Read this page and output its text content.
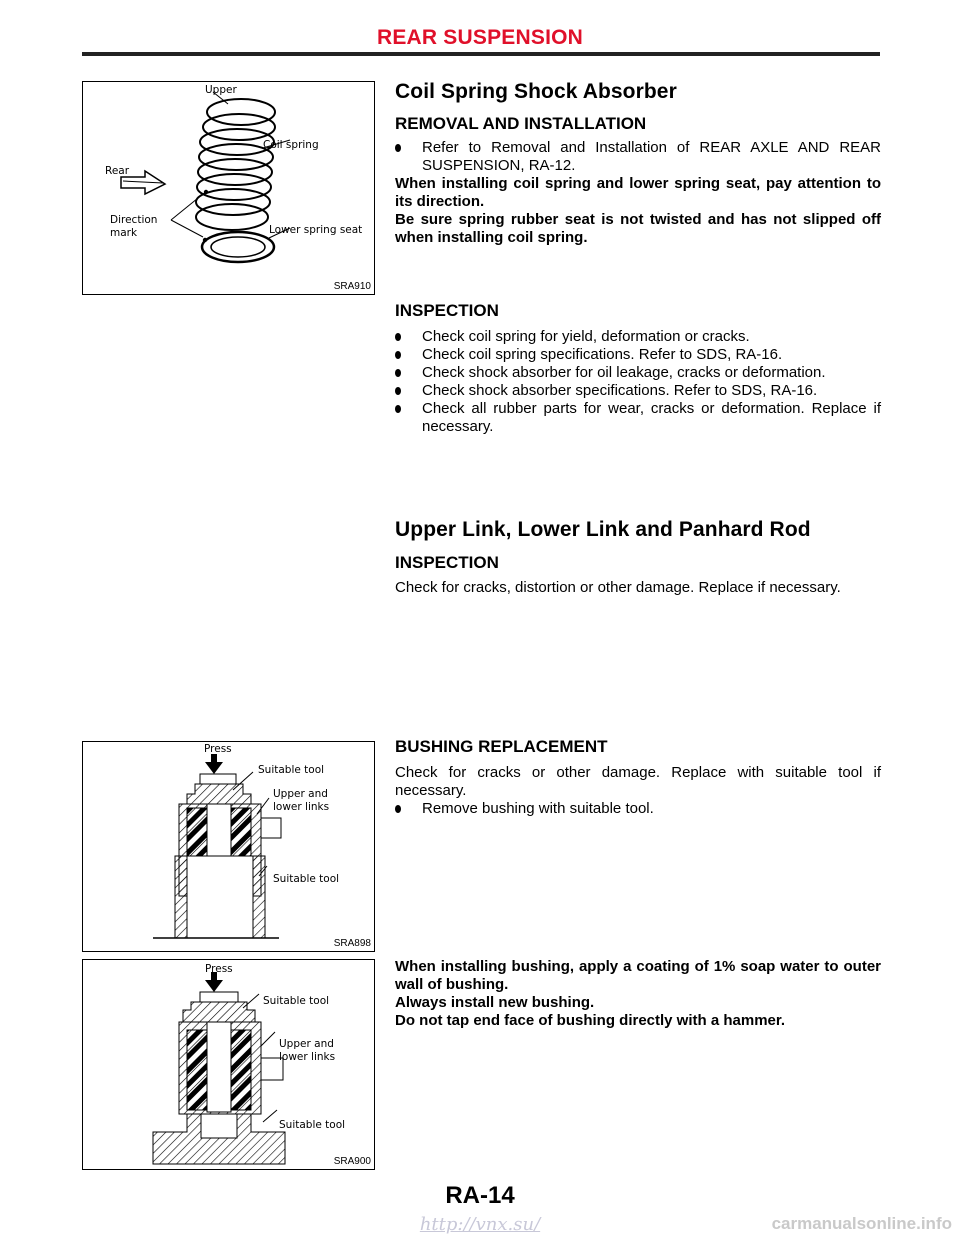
REAR SUSPENSION
Upper
Coil spring
Rear
Direction
mark	Lower spring seat
SRA910
Press
Suitable tool
Upper and
lower links
Suitable tool
SRA898
Press
Suitable tool
Upper and
lower links
Suitable tool
SRA900
Coil Spring Shock Absorber
REMOVAL AND INSTALLATION
Refer to Removal and Installation of REAR AXLE AND REAR SUSPENSION, RA-12.

When installing coil spring and lower spring seat, pay attention to its direction.

Be sure spring rubber seat is not twisted and has not slipped off when installing coil spring.

INSPECTION
Check coil spring for yield, deformation or cracks.
Check coil spring specifications. Refer to SDS, RA-16.
Check shock absorber for oil leakage, cracks or deformation.
Check shock absorber specifications. Refer to SDS, RA-16.
Check all rubber parts for wear, cracks or deformation. Replace if necessary.
Upper Link, Lower Link and Panhard Rod
INSPECTION

Check for cracks, distortion or other damage. Replace if necessary.

BUSHING REPLACEMENT

Check for cracks or other damage. Replace with suitable tool if necessary.

Remove bushing with suitable tool.

When installing bushing, apply a coating of 1% soap water to outer wall of bushing.

Always install new bushing.

Do not tap end face of bushing directly with a hammer.

RA-14
http://vnx.su/	carmanualsonline.info
